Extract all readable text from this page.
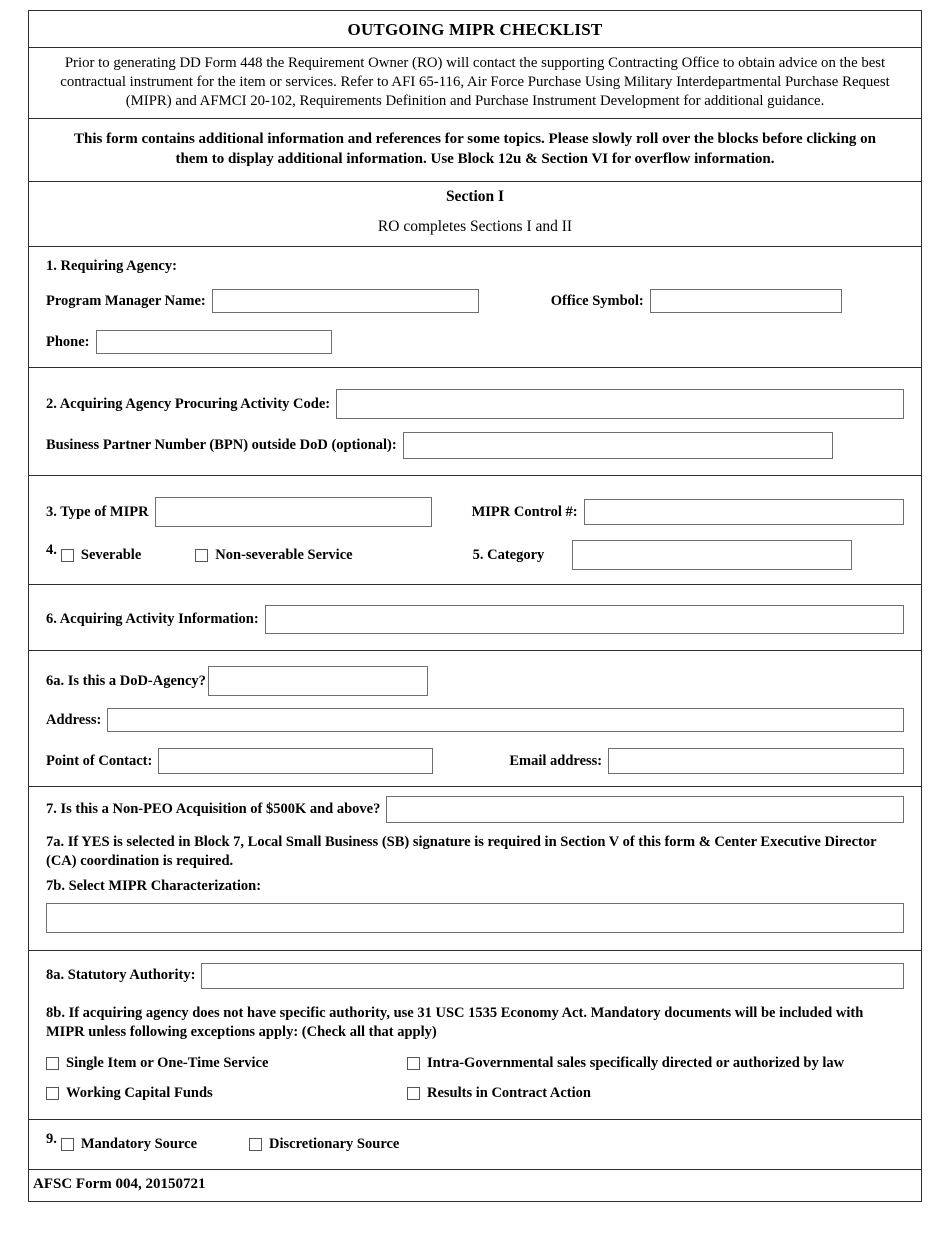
OUTGOING MIPR CHECKLIST
Prior to generating DD Form 448 the Requirement Owner (RO) will contact the supporting Contracting Office to obtain advice on the best contractual instrument for the item or services. Refer to AFI 65-116, Air Force Purchase Using Military Interdepartmental Purchase Request (MIPR) and AFMCI 20-102, Requirements Definition and Purchase Instrument Development for additional guidance.
This form contains additional information and references for some topics. Please slowly roll over the blocks before clicking on them to display additional information. Use Block 12u & Section VI for overflow information.
Section I
RO completes Sections I and II
1. Requiring Agency:
Program Manager Name:	Office Symbol:
Phone:
2. Acquiring Agency Procuring Activity Code:
Business Partner Number (BPN) outside DoD (optional):
3. Type of MIPR	MIPR Control #:
4. Severable	Non-severable Service	5. Category
6. Acquiring Activity Information:
6a. Is this a DoD-Agency?
Address:
Point of Contact:	Email address:
7. Is this a Non-PEO Acquisition of $500K and above?
7a. If YES is selected in Block 7, Local Small Business (SB) signature is required in Section V of this form & Center Executive Director (CA) coordination is required.
7b. Select MIPR Characterization:
8a. Statutory Authority:
8b. If acquiring agency does not have specific authority, use 31 USC 1535 Economy Act. Mandatory documents will be included with MIPR unless following exceptions apply: (Check all that apply)
Single Item or One-Time Service	Intra-Governmental sales specifically directed or authorized by law
Working Capital Funds	Results in Contract Action
9. Mandatory Source	Discretionary Source
AFSC Form 004, 20150721
